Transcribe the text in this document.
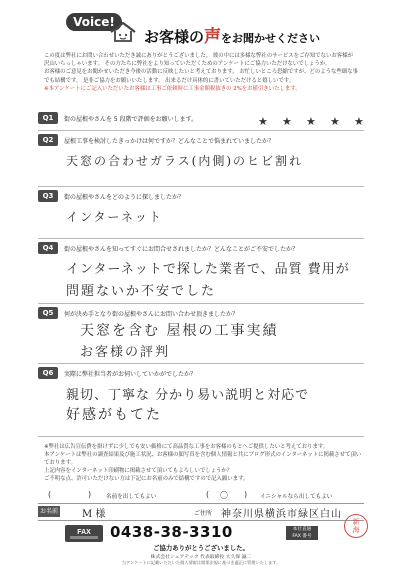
Voice!
お客様の声をお聞かせください

この度は弊社にお問い合わせいただき誠にありがとうございました。 彼の中には多様な弊社のサービスをご存知でないお客様が

沢山いらっしゃいます。 その方たちに弊社をより知っていただくためのアンケートにご協力いただけないでしょうか。

お客様のご意見をお聞かせいただき今後の活動に反映したいと考えております。 お忙しいところ恐縮ですが、どのような些細な事

でも結構です。 是非ご協力をお願いいたします。 出来るだけ具体的に書いていただけると嬉しいです。

※本アンケートにご記入いただいたお客様は工事ご依頼時に工事金額税抜きの 2%をお値引きいたします。

Q1	街の屋根やさんを 5 段階で評価をお願いします。	★ ★ ★ ★ ★
Q2	屋根工事を検討したきっかけは何ですか？どんなことで悩まれていましたか？
天窓の合わせガラス(内側)のヒビ割れ
Q3	街の屋根やさんをどのように探しましたか？
インターネット
Q4	街の屋根やさんを知ってすぐにお問合せされましたか？どんなことがご不安でしたか？
インターネットで探した業者で、品質 費用が
問題ないか不安でした
Q5	何が決め手となり街の屋根やさんにお問い合わせ頂きましたか？
天窓を含む 屋根の工事実績
お客様の評判
Q6	実際に弊社担当者がお伺いしていかがでしたか？
親切、丁寧な 分かり易い説明と対応で
好感がもてた

※弊社は広告宣伝費を掛けずに少しでも安い価格にて高品質な工事をお客様のもとへご提供したいと考えております。

本アンケートは弊社の調査結果及び施工状況、お客様の顔写真を含む個人情報と共にブログ形式のインターネットに掲載させて頂いております。

上記内容をインターネット印刷物に掲載させて頂いてもよろしいでしょうか？

ご不明な点、許可いただけない方は下記にお名前のみで結構ですので記入願います。

(	)	名前を出してもよい	( 〇 ) イニシャルなら出してもよい
お名前 M 様	ご住所 神奈川県横浜市緑区白山
FAX 0438-38-3310	本社直通
FAX 番号
新
海
ご協力ありがとうございました。
株式会社シェアテック 代表取締役 大久保 誠二
当アンケートに記載いただいた個人情報は関係法規に基づき適正に管理いたします。
